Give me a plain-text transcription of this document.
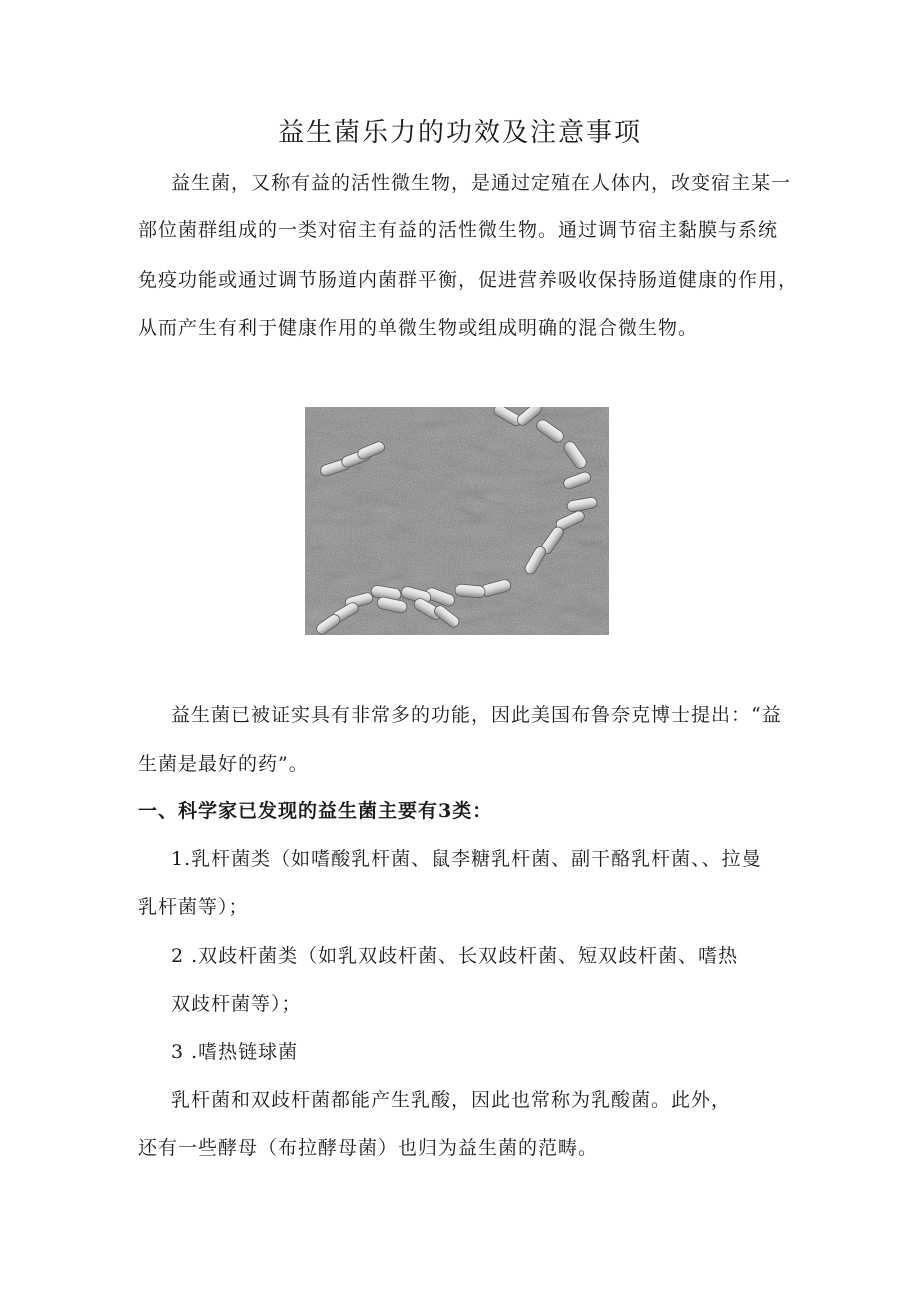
益生菌乐力的功效及注意事项
益生菌，又称有益的活性微生物，是通过定殖在人体内，改变宿主某一
部位菌群组成的一类对宿主有益的活性微生物。通过调节宿主黏膜与系统
免疫功能或通过调节肠道内菌群平衡，促进营养吸收保持肠道健康的作用，
从而产生有利于健康作用的单微生物或组成明确的混合微生物。
益生菌已被证实具有非常多的功能，因此美国布鲁奈克博士提出：“益
生菌是最好的药”。
一、科学家已发现的益生菌主要有3类：
1.乳杆菌类（如嗜酸乳杆菌、鼠李糖乳杆菌、副干酪乳杆菌、、拉曼
乳杆菌等）；
2 .双歧杆菌类（如乳双歧杆菌、长双歧杆菌、短双歧杆菌、嗜热
双歧杆菌等）；
3 .嗜热链球菌
乳杆菌和双歧杆菌都能产生乳酸，因此也常称为乳酸菌。此外，
还有一些酵母（布拉酵母菌）也归为益生菌的范畴。
